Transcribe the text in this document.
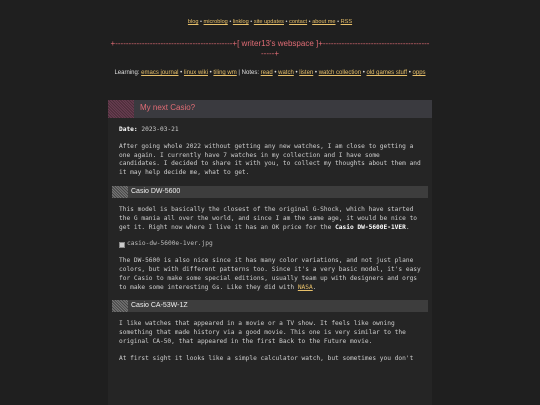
blog • microblog • linklog • site updates • contact • about me • RSS
+--------------------------------------------+[ writer13's webspace ]+----------------------------------------
-----+
Learning: emacs journal • linux wiki • tiling wm | Notes: read • watch • listen • watch collection • old games stuff • opps
My next Casio?
Date: 2023-03-21

After going whole 2022 without getting any new watches, I am close to getting a one again. I currently have 7 watches in my collection and I have some candidates. I decided to share it with you, to collect my thoughts about them and it may help decide me, what to get.

Casio DW-5600

This model is basically the closest of the original G-Shock, which have started the G mania all over the world, and since I am the same age, it would be nice to get it. Right now where I live it has an OK price for the Casio DW-5600E-1VER.

casio-dw-5600e-1ver.jpg

The DW-5600 is also nice since it has many color variations, and not just plane colors, but with different patterns too. Since it's a very basic model, it's easy for Casio to make some special editions, usually team up with designers and orgs to make some interesting Gs. Like they did with NASA.

Casio CA-53W-1Z

I like watches that appeared in a movie or a TV show. It feels like owning something that made history via a good movie. This one is very similar to the original CA-50, that appeared in the first Back to the Future movie.

At first sight it looks like a simple calculator watch, but sometimes you don't
